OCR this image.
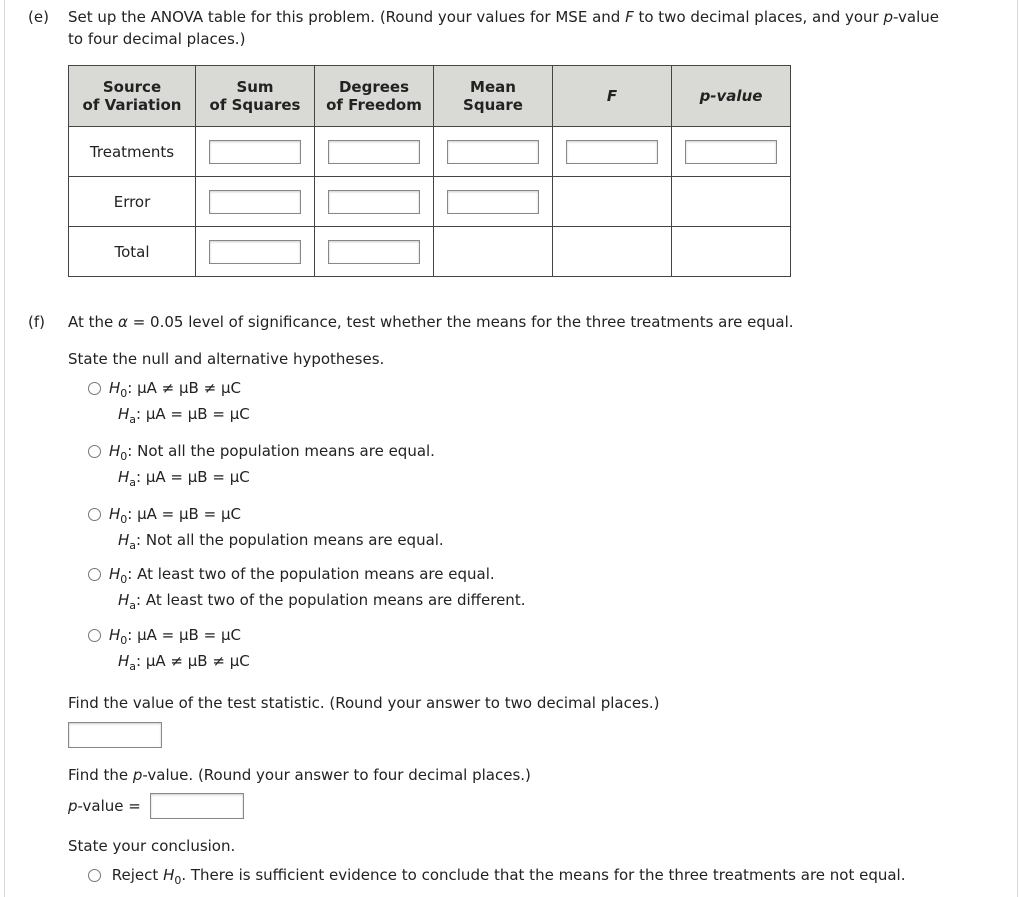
(e) Set up the ANOVA table for this problem. (Round your values for MSE and F to two decimal places, and your p-value
to four decimal places.)
Source
of Variation	Sum
of Squares	Degrees
of Freedom	Mean
Square	F	p-value
Treatments					
Error					
Total					
(f) At the α = 0.05 level of significance, test whether the means for the three treatments are equal.
State the null and alternative hypotheses.
$H_0$: μA ≠ μB ≠ μC
$H_a$: μA = μB = μC
$H_0$: Not all the population means are equal.
$H_a$: μA = μB = μC
$H_0$: μA = μB = μC
$H_a$: Not all the population means are equal.
$H_0$: At least two of the population means are equal.
$H_a$: At least two of the population means are different.
$H_0$: μA = μB = μC
$H_a$: μA ≠ μB ≠ μC
Find the value of the test statistic. (Round your answer to two decimal places.)
Find the p-value. (Round your answer to four decimal places.)
p-value =
State your conclusion.
Reject $H_0$. There is sufficient evidence to conclude that the means for the three treatments are not equal.
